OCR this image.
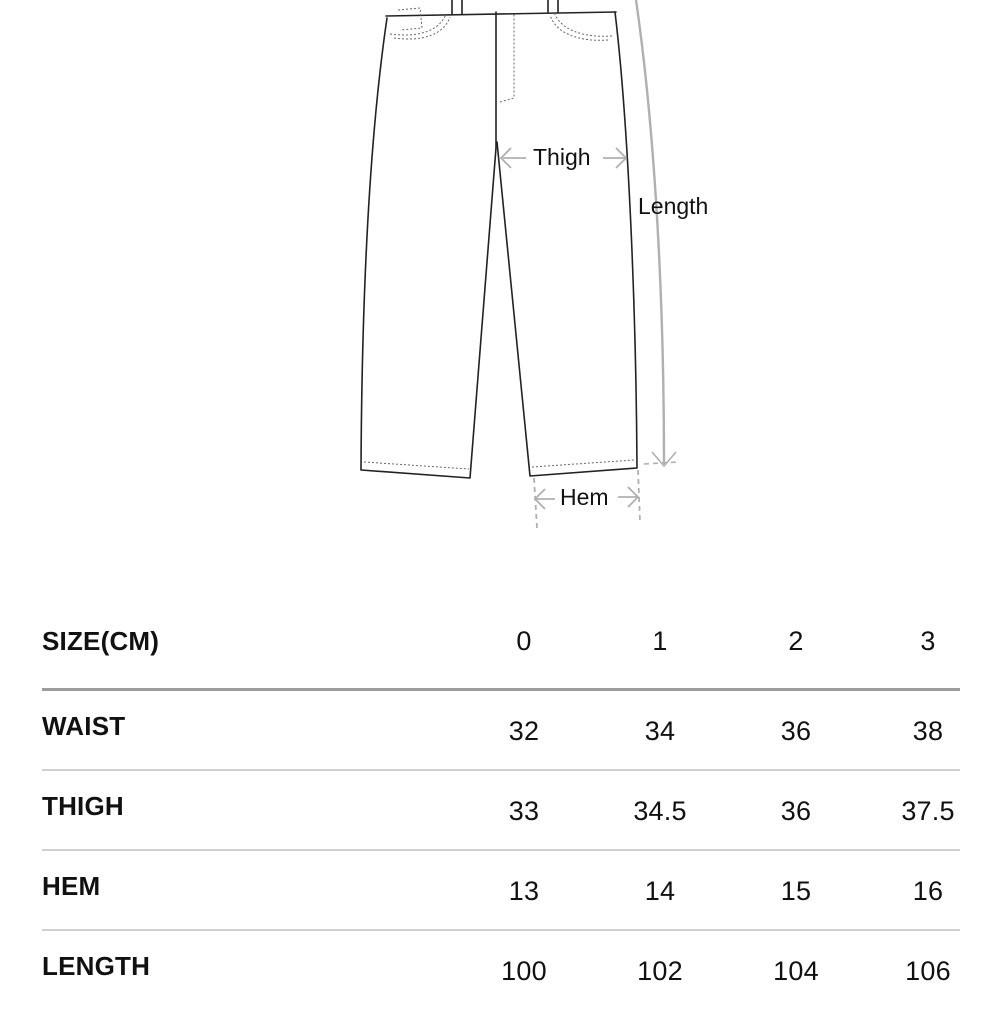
Thigh
Length
Hem
SIZE(CM)	0	1	2	3
WAIST	32	34	36	38
THIGH	33	34.5	36	37.5
HEM	13	14	15	16
LENGTH	100	102	104	106
